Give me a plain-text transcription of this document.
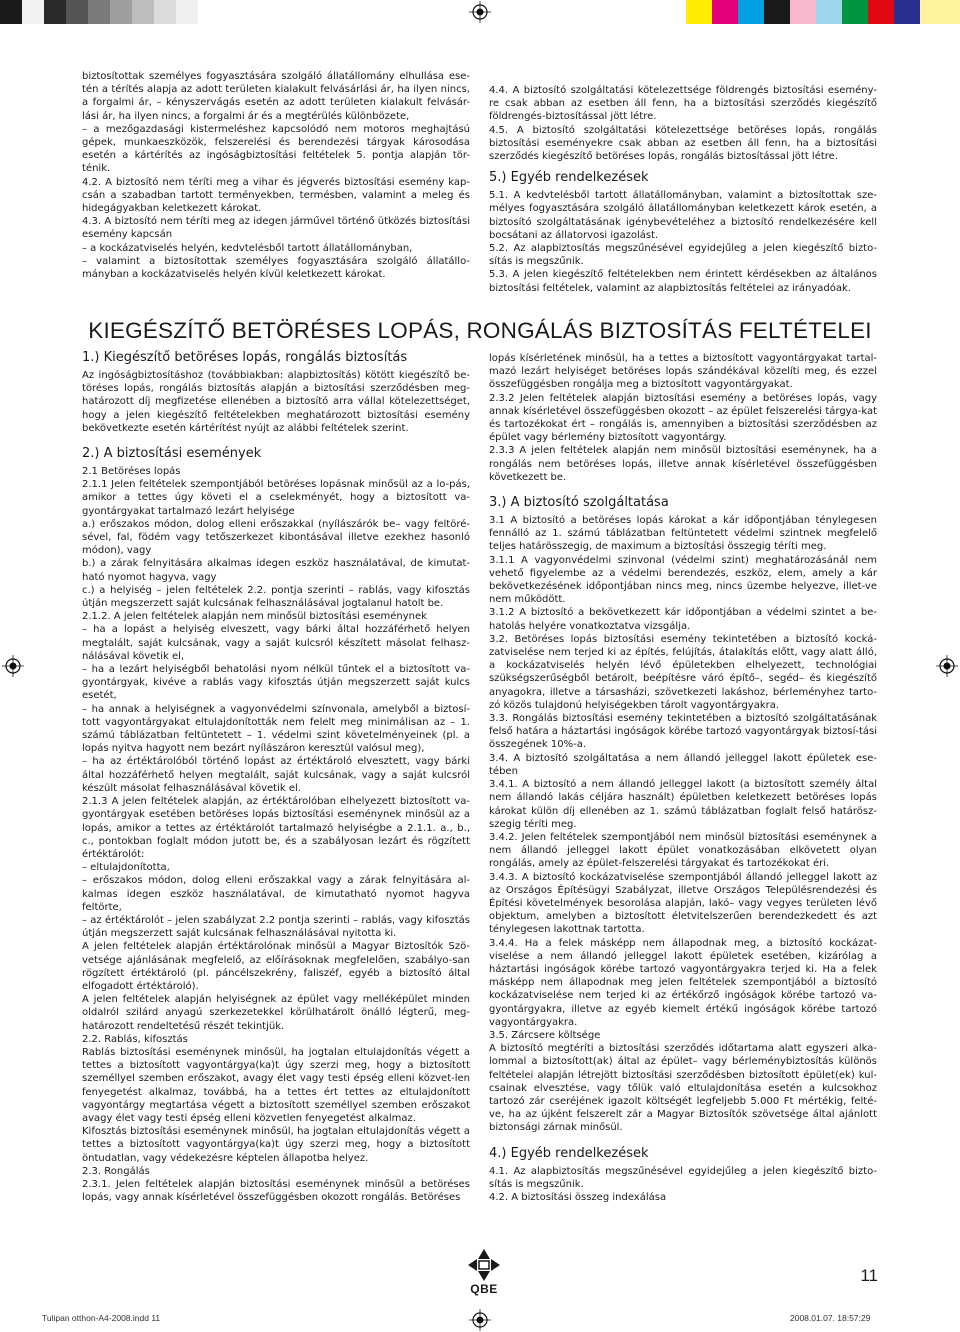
biztosítottak személyes fogyasztására szolgáló állatállomány elhullása ese-tén a térítés alapja az adott területen kialakult felvásárlási ár, ha ilyen nincs, a forgalmi ár, – kényszervágás esetén az adott területen kialakult felvásár-lási ár, ha ilyen nincs, a forgalmi ár és a megtérülés különbözete,

– a mezőgazdasági kistermeléshez kapcsolódó nem motoros meghajtású gépek, munkaeszközök, felszerelési és berendezési tárgyak károsodása esetén a kártérítés az ingóságbiztosítási feltételek 5. pontja alapján tör-ténik.

4.2. A biztosító nem téríti meg a vihar és jégverés biztosítási esemény kap-csán a szabadban tartott terményekben, termésben, valamint a meleg és hidegágyakban keletkezett károkat.

4.3. A biztosító nem téríti meg az idegen járművel történő ütközés biztosítási esemény kapcsán

– a kockázatviselés helyén, kedvtelésből tartott állatállományban,

– valamint a biztosítottak személyes fogyasztására szolgáló állatállo-mányban a kockázatviselés helyén kívül keletkezett károkat.

4.4. A biztosító szolgáltatási kötelezettsége földrengés biztosítási esemény-re csak abban az esetben áll fenn, ha a biztosítási szerződés kiegészítő földrengés-biztosítással jött létre.

4.5. A biztosító szolgáltatási kötelezettsége betöréses lopás, rongálás biztosítási eseményekre csak abban az esetben áll fenn, ha a biztosítási szerződés kiegészítő betöréses lopás, rongálás biztosítással jött létre.

5.) Egyéb rendelkezések

5.1. A kedvtelésből tartott állatállományban, valamint a biztosítottak sze-mélyes fogyasztására szolgáló állatállományban keletkezett károk esetén, a biztosító szolgáltatásának igénybevételéhez a biztosító rendelkezésére kell bocsátani az állatorvosi igazolást.

5.2. Az alapbiztosítás megszűnésével egyidejűleg a jelen kiegészítő bizto-sítás is megszűnik.

5.3. A jelen kiegészítő feltételekben nem érintett kérdésekben az általános biztosítási feltételek, valamint az alapbiztosítás feltételei az irányadóak.

KIEGÉSZÍTŐ BETÖRÉSES LOPÁS, RONGÁLÁS BIZTOSÍTÁS FELTÉTELEI
1.) Kiegészítő betöréses lopás, rongálás biztosítás

Az ingóságbiztosításhoz (továbbiakban: alapbiztosítás) kötött kiegészítő be-töréses lopás, rongálás biztosítás alapján a biztosítási szerződésben meg-határozott díj megfizetése ellenében a biztosító arra vállal kötelezettséget, hogy a jelen kiegészítő feltételekben meghatározott biztosítási esemény bekövetkezte esetén kártérítést nyújt az alábbi feltételek szerint.

2.) A biztosítási események

2.1 Betöréses lopás

2.1.1 Jelen feltételek szempontjából betöréses lopásnak minősül az a lo-pás, amikor a tettes úgy követi el a cselekményét, hogy a biztosított va-gyontárgyakat tartalmazó lezárt helyisége

a.) erőszakos módon, dolog elleni erőszakkal (nyílászárók be– vagy feltöré-sével, fal, födém vagy tetőszerkezet kibontásával illetve ezekhez hasonló módon), vagy

b.) a zárak felnyitására alkalmas idegen eszköz használatával, de kimutat-ható nyomot hagyva, vagy

c.) a helyiség – jelen feltételek 2.2. pontja szerinti – rablás, vagy kifosztás útján megszerzett saját kulcsának felhasználásával jogtalanul hatolt be.

2.1.2. A jelen feltételek alapján nem minősül biztosítási eseménynek

– ha a lopást a helyiség elveszett, vagy bárki által hozzáférhető helyen megtalált, saját kulcsának, vagy a saját kulcsról készített másolat felhasz-nálásával követik el,

– ha a lezárt helyiségből behatolási nyom nélkül tűntek el a biztosított va-gyontárgyak, kivéve a rablás vagy kifosztás útján megszerzett saját kulcs esetét,

– ha annak a helyiségnek a vagyonvédelmi színvonala, amelyből a biztosí-tott vagyontárgyakat eltulajdonították nem felelt meg minimálisan az – 1. számú táblázatban feltüntetett – 1. védelmi szint követelményeinek (pl. a lopás nyitva hagyott nem bezárt nyílászáron keresztül valósul meg),

– ha az értéktárolóból történő lopást az értéktároló elvesztett, vagy bárki által hozzáférhető helyen megtalált, saját kulcsának, vagy a saját kulcsról készült másolat felhasználásával követik el.

2.1.3 A jelen feltételek alapján, az értéktárolóban elhelyezett biztosított va-gyontárgyak esetében betöréses lopás biztosítási eseménynek minősül az a lopás, amikor a tettes az értéktárolót tartalmazó helyiségbe a 2.1.1. a., b., c., pontokban foglalt módon jutott be, és a szabályosan lezárt és rögzített értéktárolót:

– eltulajdonította,

– erőszakos módon, dolog elleni erőszakkal vagy a zárak felnyitására al-kalmas idegen eszköz használatával, de kimutatható nyomot hagyva feltörte,

– az értéktárolót – jelen szabályzat 2.2 pontja szerinti – rablás, vagy kifosztás útján megszerzett saját kulcsának felhasználásával nyitotta ki.

A jelen feltételek alapján értéktárolónak minősül a Magyar Biztosítók Szö-vetsége ajánlásának megfelelő, az előírásoknak megfelelően, szabályo-san rögzített értéktároló (pl. páncélszekrény, faliszéf, egyéb a biztosító által elfogadott értéktároló).

A jelen feltételek alapján helyiségnek az épület vagy melléképület minden oldalról szilárd anyagú szerkezetekkel körülhatárolt önálló légterű, meg-határozott rendeltetésű részét tekintjük.

2.2. Rablás, kifosztás

Rablás biztosítási eseménynek minősül, ha jogtalan eltulajdonítás végett a tettes a biztosított vagyontárgya(ka)t úgy szerzi meg, hogy a biztosított személlyel szemben erőszakot, avagy élet vagy testi épség elleni közvet-len fenyegetést alkalmaz, továbbá, ha a tettes ért tettes az eltulajdonított vagyontárgy megtartása végett a biztosított személlyel szemben erőszakot avagy élet vagy testi épség elleni közvetlen fenyegetést alkalmaz.

Kifosztás biztosítási eseménynek minősül, ha jogtalan eltulajdonítás végett a tettes a biztosított vagyontárgya(ka)t úgy szerzi meg, hogy a biztosított öntudatlan, vagy védekezésre képtelen állapotba helyez.

2.3. Rongálás

2.3.1. Jelen feltételek alapján biztosítási eseménynek minősül a betöréses lopás, vagy annak kísérletével összefüggésben okozott rongálás. Betöréses

lopás kísérletének minősül, ha a tettes a biztosított vagyontárgyakat tartal-mazó lezárt helyiséget betöréses lopás szándékával közelíti meg, és ezzel összefüggésben rongálja meg a biztosított vagyontárgyakat.

2.3.2 Jelen feltételek alapján biztosítási esemény a betöréses lopás, vagy annak kísérletével összefüggésben okozott – az épület felszerelési tárgya-kat és tartozékokat ért – rongálás is, amennyiben a biztosítási szerződésben az épület vagy bérlemény biztosított vagyontárgy.

2.3.3 A jelen feltételek alapján nem minősül biztosítási eseménynek, ha a rongálás nem betöréses lopás, illetve annak kísérletével összefüggésben következett be.

3.) A biztosító szolgáltatása

3.1 A biztosító a betöréses lopás károkat a kár időpontjában ténylegesen fennálló az 1. számú táblázatban feltüntetett védelmi szintnek megfelelő teljes határösszegig, de maximum a biztosítási összegig téríti meg.

3.1.1 A vagyonvédelmi szinvonal (védelmi szint) meghatározásánál nem vehető figyelembe az a védelmi berendezés, eszköz, elem, amely a kár bekövetkezésének időpontjában nincs meg, nincs üzembe helyezve, illet-ve nem működött.

3.1.2 A biztosító a bekövetkezett kár időpontjában a védelmi szintet a be-hatolás helyére vonatkoztatva vizsgálja.

3.2. Betöréses lopás biztosítási esemény tekintetében a biztosító kocká-zatviselése nem terjed ki az építés, felújítás, átalakítás előtt, vagy alatt álló, a kockázatviselés helyén lévő épületekben elhelyezett, technológiai szükségszerűségből betárolt, beépítésre váró építő–, segéd– és kiegészítő anyagokra, illetve a társasházi, szövetkezeti lakáshoz, bérleményhez tarto-zó közös tulajdonú helyiségekben tárolt vagyontárgyakra.

3.3. Rongálás biztosítási esemény tekintetében a biztosító szolgáltatásának felső határa a háztartási ingóságok körébe tartozó vagyontárgyak biztosí-tási összegének 10%-a.

3.4. A biztosító szolgáltatása a nem állandó jelleggel lakott épületek ese-tében

3.4.1. A biztosító a nem állandó jelleggel lakott (a biztosított személy által nem állandó lakás céljára használt) épületben keletkezett betöréses lopás károkat külön díj ellenében az 1. számú táblázatban foglalt felső határösz-szegig téríti meg.

3.4.2. Jelen feltételek szempontjából nem minősül biztosítási eseménynek a nem állandó jelleggel lakott épület vonatkozásában elkövetett olyan rongálás, amely az épület-felszerelési tárgyakat és tartozékokat éri.

3.4.3. A biztosító kockázatviselése szempontjából állandó jelleggel lakott az az Országos Építésügyi Szabályzat, illetve Országos Településrendezési és Építési követelmények besorolása alapján, lakó– vagy vegyes területen lévő objektum, amelyben a biztosított életvitelszerűen berendezkedett és azt ténylegesen lakottnak tartotta.

3.4.4. Ha a felek másképp nem állapodnak meg, a biztosító kockázat-viselése a nem állandó jelleggel lakott épületek esetében, kizárólag a háztartási ingóságok körébe tartozó vagyontárgyakra terjed ki. Ha a felek másképp nem állapodnak meg jelen feltételek szempontjából a biztosító kockázatviselése nem terjed ki az értékőrző ingóságok körébe tartozó va-gyontárgyakra, illetve az egyéb kiemelt értékű ingóságok körébe tartozó vagyontárgyakra.

3.5. Zárcsere költsége

A biztosító megtéríti a biztosítási szerződés időtartama alatt egyszeri alka-lommal a biztosított(ak) által az épület– vagy bérleménybiztosítás különös feltételei alapján létrejött biztosítási szerződésben biztosított épület(ek) kul-csainak elvesztése, vagy tőlük való eltulajdonítása esetén a kulcsokhoz tartozó zár cseréjének igazolt költségét legfeljebb 5.000 Ft mértékig, felté-ve, ha az újként felszerelt zár a Magyar Biztosítók szövetsége által ajánlott biztonsági zárnak minősül.

4.) Egyéb rendelkezések

4.1. Az alapbiztosítás megszűnésével egyidejűleg a jelen kiegészítő bizto-sítás is megszűnik.

4.2. A biztosítási összeg indexálása

QBE
11
Tulipan otthon-A4-2008.indd 11	2008.01.07. 18:57:29
